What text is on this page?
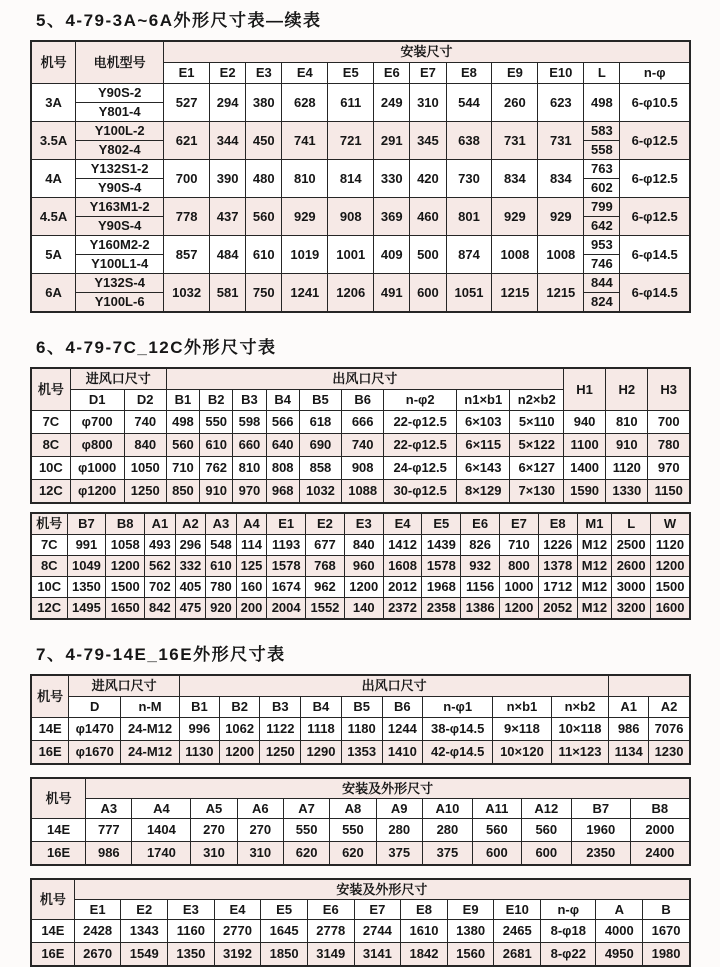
5、4-79-3A~6A外形尺寸表—续表
机号	电机型号	安装尺寸											
		E1	E2	E3	E4	E5	E6	E7	E8	E9	E10	L	n-φ
3A	Y90S-2	527	294	380	628	611	249	310	544	260	623	498	6-φ10.5
	Y801-4												
3.5A	Y100L-2	621	344	450	741	721	291	345	638	731	731	583	6-φ12.5
	Y802-4											558	
4A	Y132S1-2	700	390	480	810	814	330	420	730	834	834	763	6-φ12.5
	Y90S-4											602	
4.5A	Y163M1-2	778	437	560	929	908	369	460	801	929	929	799	6-φ12.5
	Y90S-4											642	
5A	Y160M2-2	857	484	610	1019	1001	409	500	874	1008	1008	953	6-φ14.5
	Y100L1-4											746	
6A	Y132S-4	1032	581	750	1241	1206	491	600	1051	1215	1215	844	6-φ14.5
	Y100L-6											824	
6、4-79-7C_12C外形尺寸表
机号	进风口尺寸		出风口尺寸									H1	H2	H3
	D1	D2	B1	B2	B3	B4	B5	B6	n-φ2	n1×b1	n2×b2			
7C	φ700	740	498	550	598	566	618	666	22-φ12.5	6×103	5×110	940	810	700
8C	φ800	840	560	610	660	640	690	740	22-φ12.5	6×115	5×122	1100	910	780
10C	φ1000	1050	710	762	810	808	858	908	24-φ12.5	6×143	6×127	1400	1120	970
12C	φ1200	1250	850	910	970	968	1032	1088	30-φ12.5	8×129	7×130	1590	1330	1150
机号	B7	B8	A1	A2	A3	A4	E1	E2	E3	E4	E5	E6	E7	E8	M1	L	W
7C	991	1058	493	296	548	114	1193	677	840	1412	1439	826	710	1226	M12	2500	1120
8C	1049	1200	562	332	610	125	1578	768	960	1608	1578	932	800	1378	M12	2600	1200
10C	1350	1500	702	405	780	160	1674	962	1200	2012	1968	1156	1000	1712	M12	3000	1500
12C	1495	1650	842	475	920	200	2004	1552	140	2372	2358	1386	1200	2052	M12	3200	1600
7、4-79-14E_16E外形尺寸表
机号	进风口尺寸		出风口尺寸										
	D	n-M	B1	B2	B3	B4	B5	B6	n-φ1	n×b1	n×b2	A1	A2
14E	φ1470	24-M12	996	1062	1122	1118	1180	1244	38-φ14.5	9×118	10×118	986	7076
16E	φ1670	24-M12	1130	1200	1250	1290	1353	1410	42-φ14.5	10×120	11×123	1134	1230
机号	安装及外形尺寸											
	A3	A4	A5	A6	A7	A8	A9	A10	A11	A12	B7	B8
14E	777	1404	270	270	550	550	280	280	560	560	1960	2000
16E	986	1740	310	310	620	620	375	375	600	600	2350	2400
机号	安装及外形尺寸												
	E1	E2	E3	E4	E5	E6	E7	E8	E9	E10	n-φ	A	B
14E	2428	1343	1160	2770	1645	2778	2744	1610	1380	2465	8-φ18	4000	1670
16E	2670	1549	1350	3192	1850	3149	3141	1842	1560	2681	8-φ22	4950	1980
